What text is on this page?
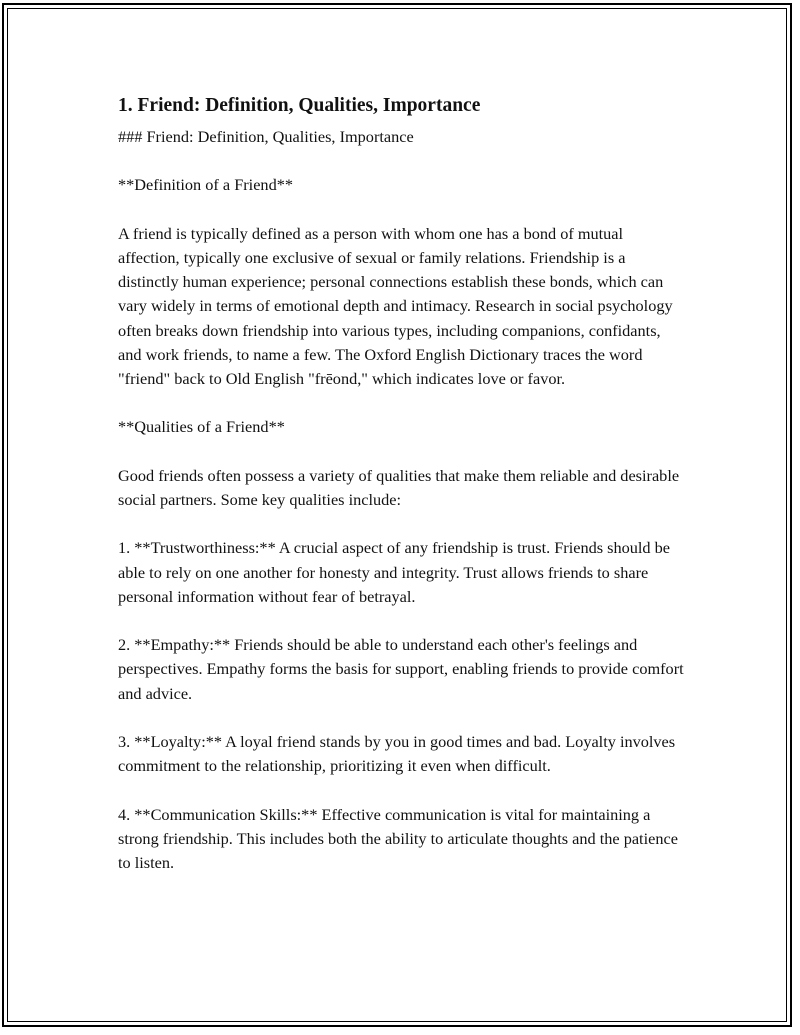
1. Friend: Definition, Qualities, Importance

### Friend: Definition, Qualities, Importance

**Definition of a Friend**

A friend is typically defined as a person with whom one has a bond of mutual affection, typically one exclusive of sexual or family relations. Friendship is a distinctly human experience; personal connections establish these bonds, which can vary widely in terms of emotional depth and intimacy. Research in social psychology often breaks down friendship into various types, including companions, confidants, and work friends, to name a few. The Oxford English Dictionary traces the word "friend" back to Old English "frēond," which indicates love or favor.

**Qualities of a Friend**

Good friends often possess a variety of qualities that make them reliable and desirable social partners. Some key qualities include:

1. **Trustworthiness:** A crucial aspect of any friendship is trust. Friends should be able to rely on one another for honesty and integrity. Trust allows friends to share personal information without fear of betrayal.

2. **Empathy:** Friends should be able to understand each other's feelings and perspectives. Empathy forms the basis for support, enabling friends to provide comfort and advice.

3. **Loyalty:** A loyal friend stands by you in good times and bad. Loyalty involves commitment to the relationship, prioritizing it even when difficult.

4. **Communication Skills:** Effective communication is vital for maintaining a strong friendship. This includes both the ability to articulate thoughts and the patience to listen.
